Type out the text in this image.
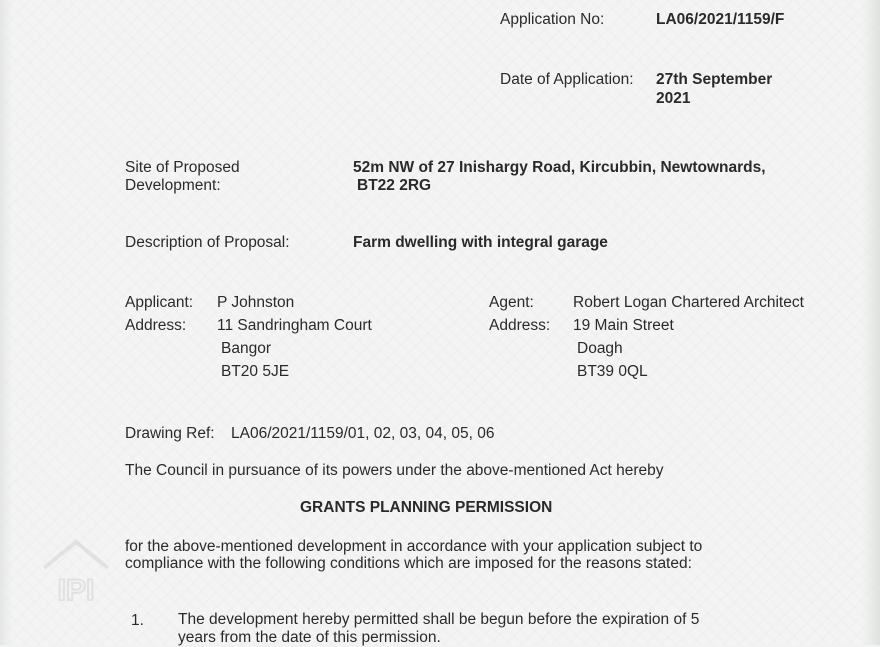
Application No:	LA06/2021/1159/F
Date of Application: 27th September
2021
Site of Proposed
Development:
52m NW of 27 Inishargy Road, Kircubbin, Newtownards,
BT22 2RG
Description of Proposal:	Farm dwelling with integral garage
Applicant: P Johnston
Address: 11 Sandringham Court
Bangor
BT20 5JE
Agent:	Robert Logan Chartered Architect
Address: 19 Main Street
Doagh
BT39 0QL
Drawing Ref: LA06/2021/1159/01, 02, 03, 04, 05, 06
The Council in pursuance of its powers under the above-mentioned Act hereby
GRANTS PLANNING PERMISSION
for the above-mentioned development in accordance with your application subject to
compliance with the following conditions which are imposed for the reasons stated:
1. The development hereby permitted shall be begun before the expiration of 5
years from the date of this permission.
IPI
